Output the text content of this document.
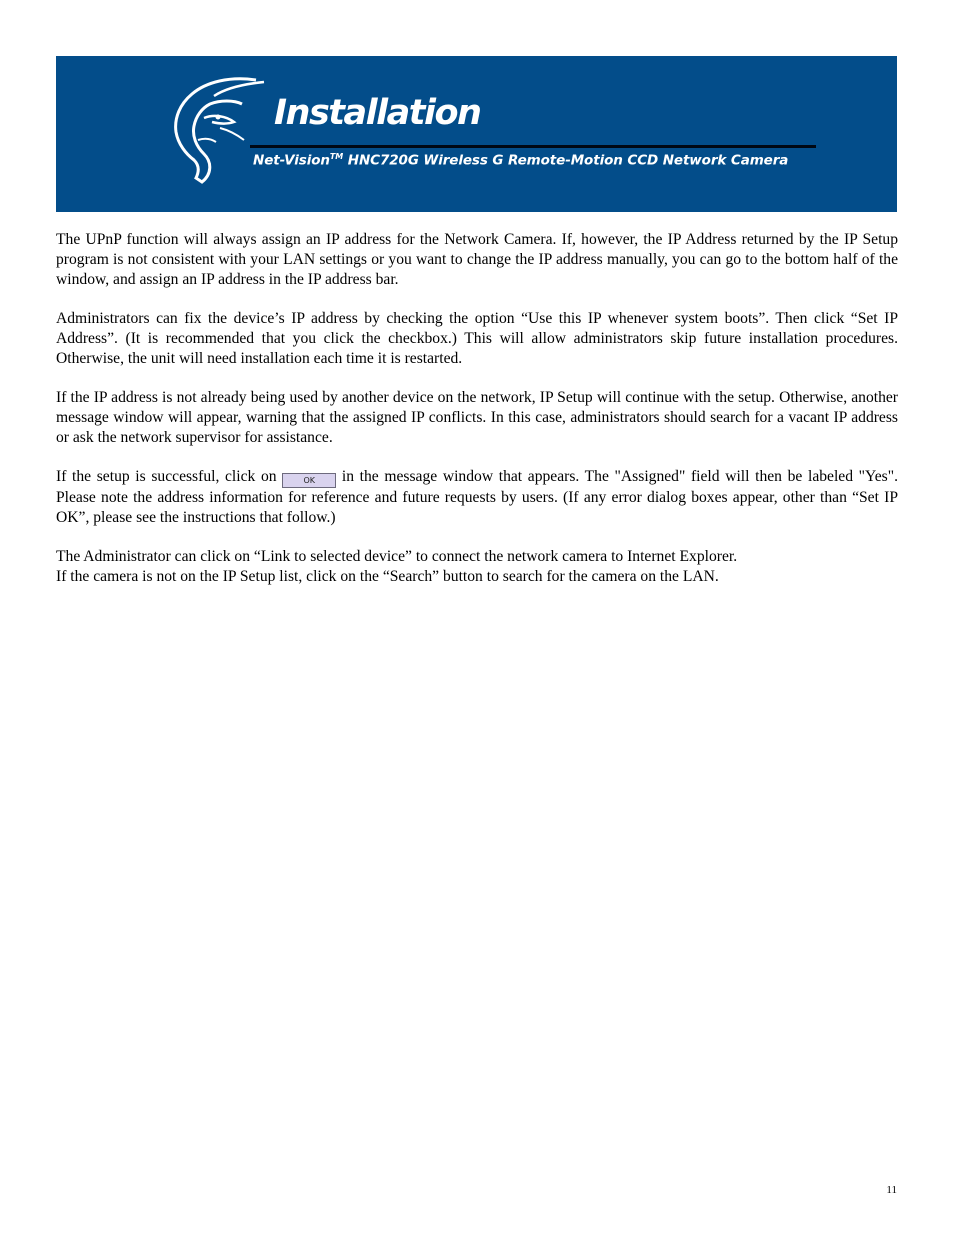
Installation
Net-Vision™ HNC720G Wireless G Remote-Motion CCD Network Camera

The UPnP function will always assign an IP address for the Network Camera. If, however, the IP Address returned by the IP Setup program is not consistent with your LAN settings or you want to change the IP address manually, you can go to the bottom half of the window, and assign an IP address in the IP address bar.

Administrators can fix the device’s IP address by checking the option “Use this IP whenever system boots”. Then click “Set IP Address”. (It is recommended that you click the checkbox.) This will allow administrators skip future installation procedures. Otherwise, the unit will need installation each time it is restarted.

If the IP address is not already being used by another device on the network, IP Setup will continue with the setup. Otherwise, another message window will appear, warning that the assigned IP conflicts. In this case, administrators should search for a vacant IP address or ask the network supervisor for assistance.

If the setup is successful, click on	OK in the message window that appears. The "Assigned" field will then be labeled "Yes". Please note the address information for reference and future requests by users. (If any error dialog boxes appear, other than “Set IP OK”, please see the instructions that follow.)

The Administrator can click on “Link to selected device” to connect the network camera to Internet Explorer.

If the camera is not on the IP Setup list, click on the “Search” button to search for the camera on the LAN.

11
